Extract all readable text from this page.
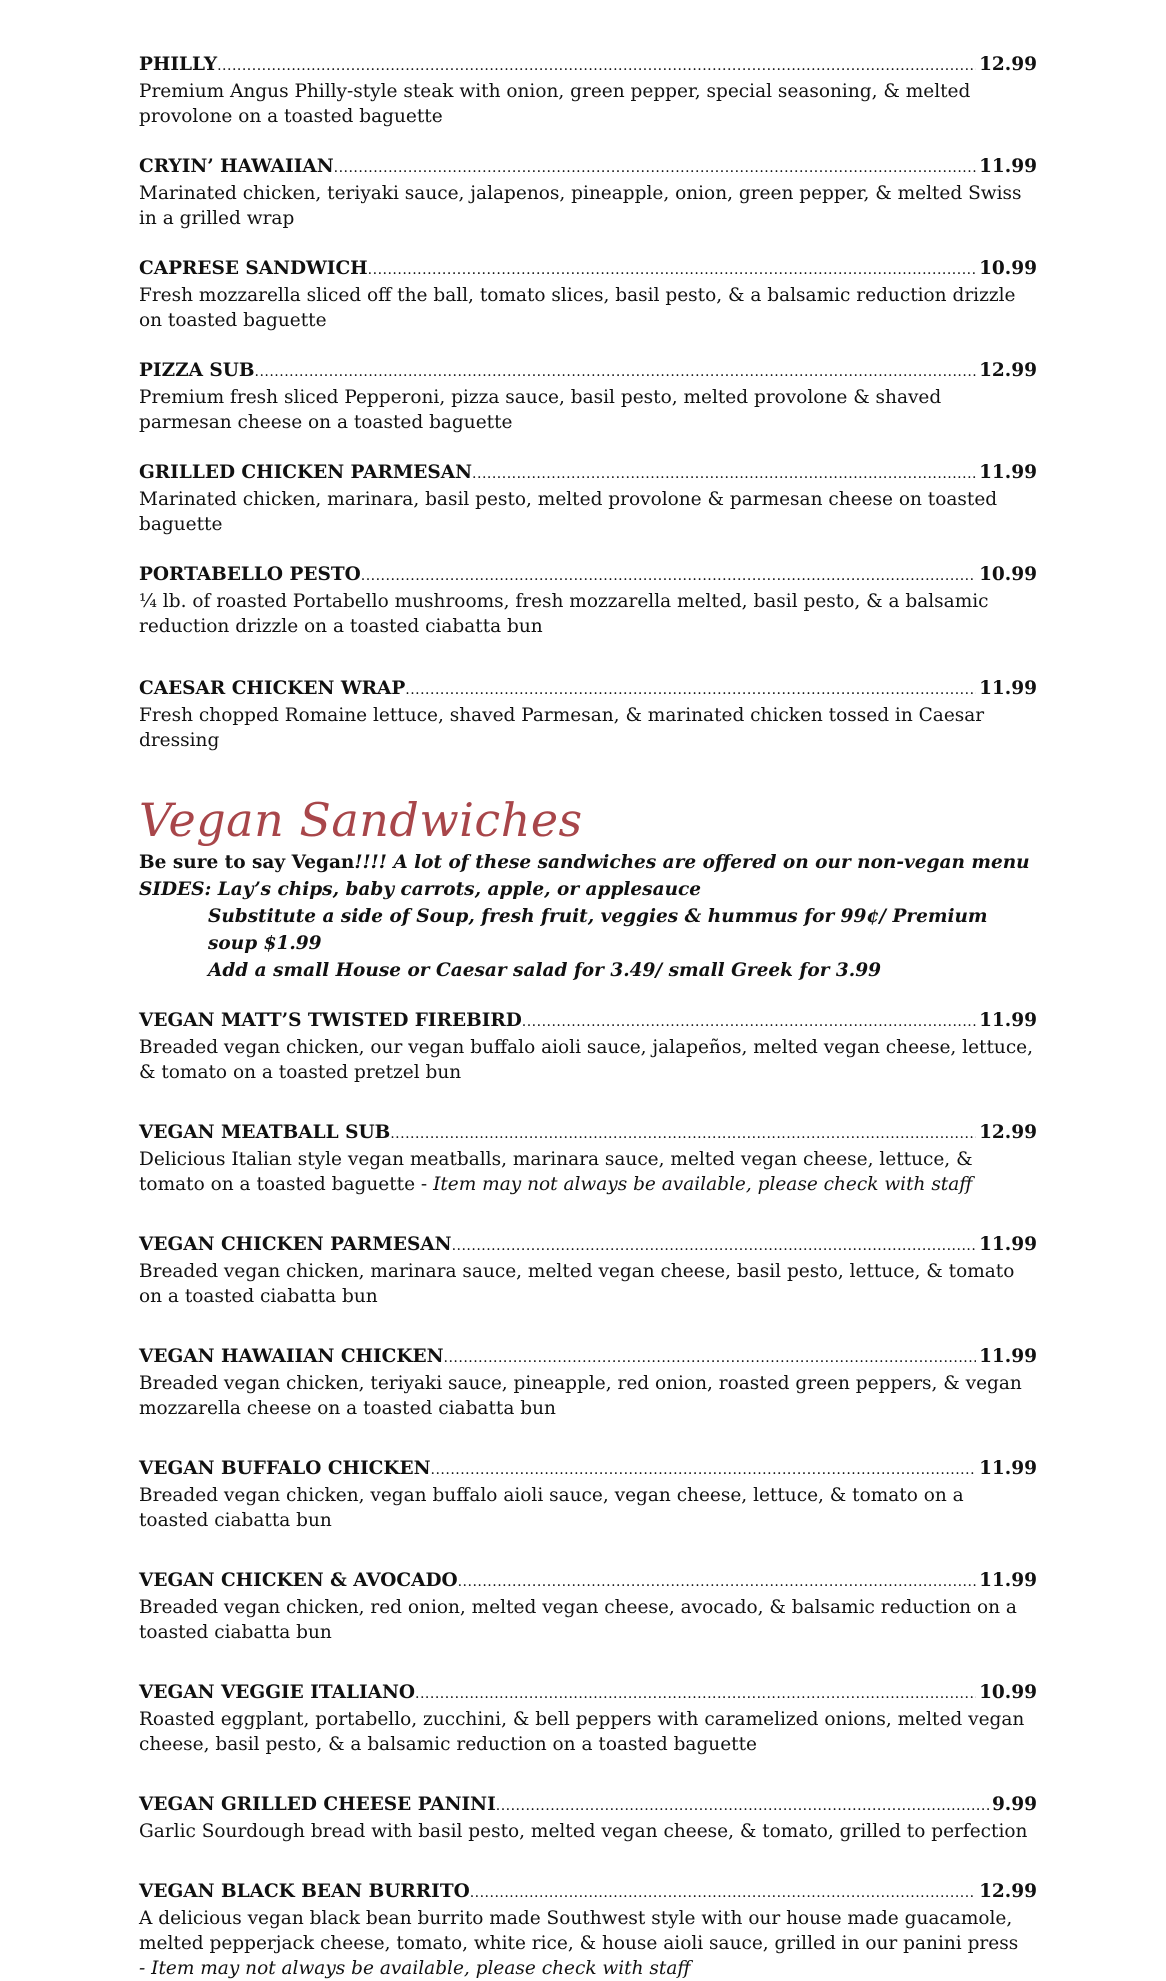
PHILLY .....	12.99

Premium Angus Philly-style steak with onion, green pepper, special seasoning, & melted provolone on a toasted baguette

CRYIN’ HAWAIIAN .....	11.99

Marinated chicken, teriyaki sauce, jalapenos, pineapple, onion, green pepper, & melted Swiss in a grilled wrap

CAPRESE SANDWICH .....	10.99

Fresh mozzarella sliced off the ball, tomato slices, basil pesto, & a balsamic reduction drizzle on toasted baguette

PIZZA SUB .....	12.99

Premium fresh sliced Pepperoni, pizza sauce, basil pesto, melted provolone & shaved parmesan cheese on a toasted baguette

GRILLED CHICKEN PARMESAN .....	11.99

Marinated chicken, marinara, basil pesto, melted provolone & parmesan cheese on toasted baguette

PORTABELLO PESTO .....	10.99

¼ lb. of roasted Portabello mushrooms, fresh mozzarella melted, basil pesto, & a balsamic reduction drizzle on a toasted ciabatta bun

CAESAR CHICKEN WRAP .....	11.99

Fresh chopped Romaine lettuce, shaved Parmesan, & marinated chicken tossed in Caesar dressing

Vegan Sandwiches
Be sure to say Vegan!!!! A lot of these sandwiches are offered on our non-vegan menu
SIDES: Lay’s chips, baby carrots, apple, or applesauce
Substitute a side of Soup, fresh fruit, veggies & hummus for 99¢/ Premium soup $1.99
Add a small House or Caesar salad for 3.49/ small Greek for 3.99
VEGAN MATT’S TWISTED FIREBIRD .....	11.99

Breaded vegan chicken, our vegan buffalo aioli sauce, jalapeños, melted vegan cheese, lettuce, & tomato on a toasted pretzel bun

VEGAN MEATBALL SUB .....	12.99

Delicious Italian style vegan meatballs, marinara sauce, melted vegan cheese, lettuce, & tomato on a toasted baguette - Item may not always be available, please check with staff

VEGAN CHICKEN PARMESAN .....	11.99

Breaded vegan chicken, marinara sauce, melted vegan cheese, basil pesto, lettuce, & tomato on a toasted ciabatta bun

VEGAN HAWAIIAN CHICKEN .....	11.99

Breaded vegan chicken, teriyaki sauce, pineapple, red onion, roasted green peppers, & vegan mozzarella cheese on a toasted ciabatta bun

VEGAN BUFFALO CHICKEN .....	11.99

Breaded vegan chicken, vegan buffalo aioli sauce, vegan cheese, lettuce, & tomato on a toasted ciabatta bun

VEGAN CHICKEN & AVOCADO .....	11.99

Breaded vegan chicken, red onion, melted vegan cheese, avocado, & balsamic reduction on a toasted ciabatta bun

VEGAN VEGGIE ITALIANO .....	10.99

Roasted eggplant, portabello, zucchini, & bell peppers with caramelized onions, melted vegan cheese, basil pesto, & a balsamic reduction on a toasted baguette

VEGAN GRILLED CHEESE PANINI .....	9.99

Garlic Sourdough bread with basil pesto, melted vegan cheese, & tomato, grilled to perfection

VEGAN BLACK BEAN BURRITO .....	12.99

A delicious vegan black bean burrito made Southwest style with our house made guacamole, melted pepperjack cheese, tomato, white rice, & house aioli sauce, grilled in our panini press

- Item may not always be available, please check with staff
